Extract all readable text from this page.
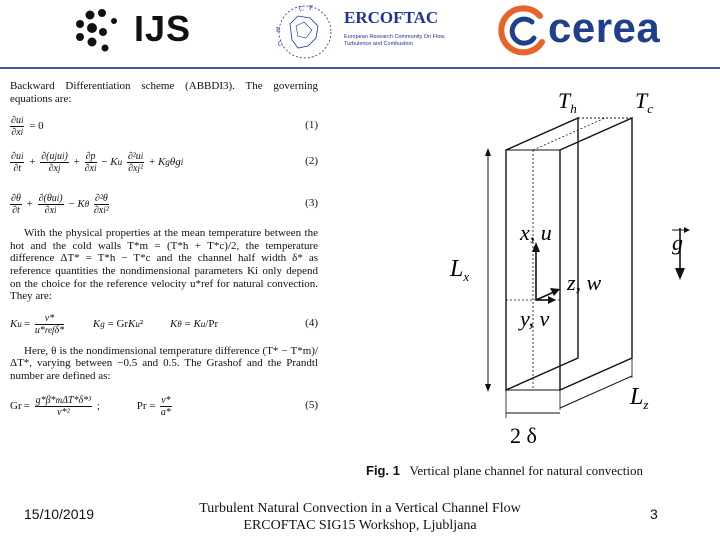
IJS	C F
R
C
ERCOFTAC
European Research Community On Flow, Turbulence and Combustion	cerea

Backward Differentiation scheme (ABBDI3). The governing equations are:

$\frac{\partial ui}{\partial xi} = 0$	(1)
$\frac{\partial ui}{\partial t} + \frac{\text{∂(ujui)}}{\partial xj} + \frac{\partial p}{\partial xi} - Ku \frac{\text{∂²ui}}{\text{∂xj²}} + Kg\theta gi$	(2)
$\frac{\partial\theta}{\partial t} + \frac{\text{∂(θui)}}{\partial xi} - K\theta \frac{\text{∂²θ}}{\text{∂xi²}}$	(3)

With the physical properties at the mean temperature between the hot and the cold walls T*m = (T*h + T*c)/2, the temperature difference ΔT* = T*h − T*c and the channel half width δ* as reference quantities the nondimensional parameters Ki only depend on the choice for the reference velocity u*ref for natural convection. They are:

$Ku = \frac{\nu*}{\text{u*refδ*}}$	Kg = GrKu² Kθ = Ku/Pr	(4)

Here, θ is the nondimensional temperature difference (T* − T*m)/ΔT*, varying between −0.5 and 0.5. The Grashof and the Prandtl number are defined as:

$Gr = \frac{\text{g*β*mΔT*δ*³}}{\text{ν*²}}$ ;	$Pr = \frac{\nu*}{a*}$	(5)
$T_h$	$T_c$
$L_x$
x, u
z, w
y, v
$L_z$
g
2 δ
Fig. 1 Vertical plane channel for natural convection
15/10/2019	Turbulent Natural Convection in a Vertical Channel Flow
ERCOFTAC SIG15 Workshop, Ljubljana
3
